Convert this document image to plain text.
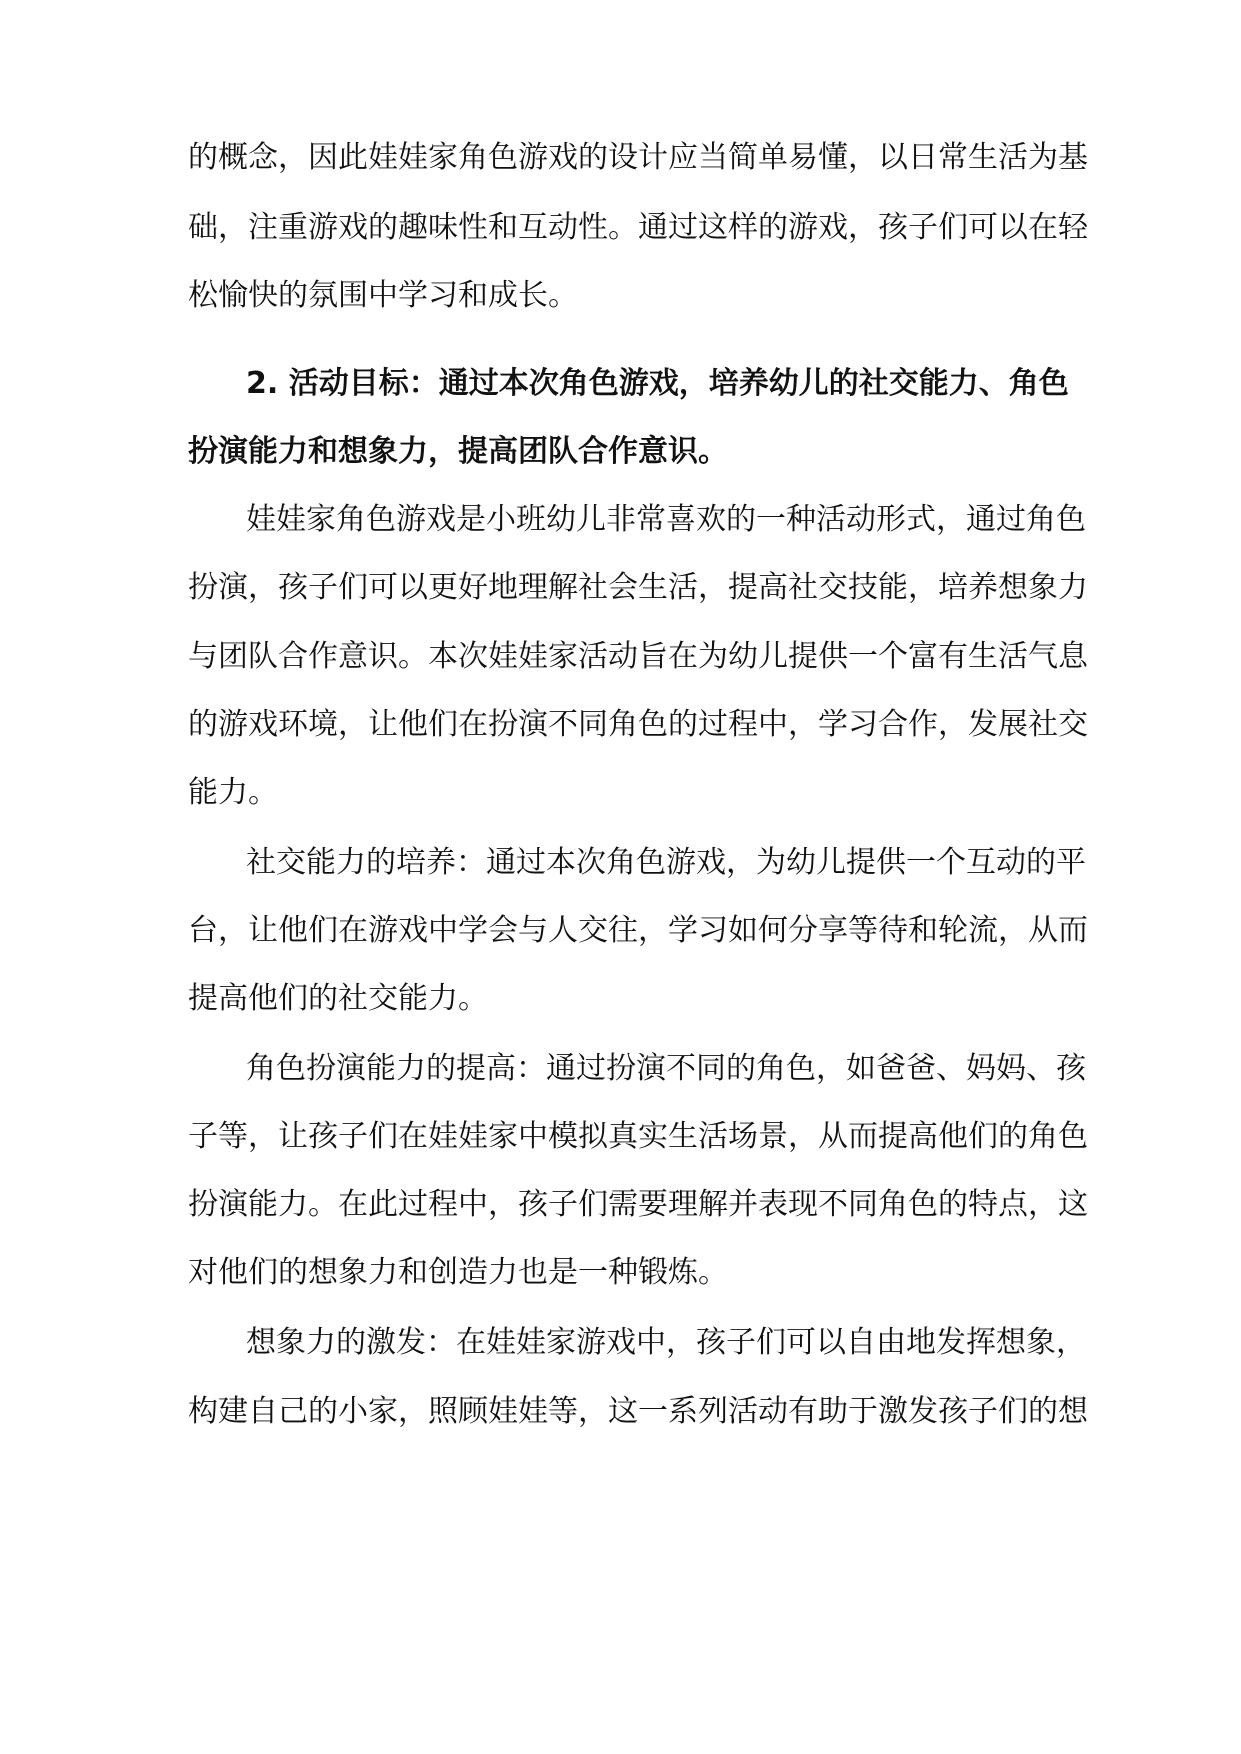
的概念，因此娃娃家角色游戏的设计应当简单易懂，以日常生活为基
础，注重游戏的趣味性和互动性。通过这样的游戏，孩子们可以在轻
松愉快的氛围中学习和成长。
2. 活动目标：通过本次角色游戏，培养幼儿的社交能力、角色
扮演能力和想象力，提高团队合作意识。
娃娃家角色游戏是小班幼儿非常喜欢的一种活动形式，通过角色
扮演，孩子们可以更好地理解社会生活，提高社交技能，培养想象力
与团队合作意识。本次娃娃家活动旨在为幼儿提供一个富有生活气息
的游戏环境，让他们在扮演不同角色的过程中，学习合作，发展社交
能力。
社交能力的培养：通过本次角色游戏，为幼儿提供一个互动的平
台，让他们在游戏中学会与人交往，学习如何分享等待和轮流，从而
提高他们的社交能力。
角色扮演能力的提高：通过扮演不同的角色，如爸爸、妈妈、孩
子等，让孩子们在娃娃家中模拟真实生活场景，从而提高他们的角色
扮演能力。在此过程中，孩子们需要理解并表现不同角色的特点，这
对他们的想象力和创造力也是一种锻炼。
想象力的激发：在娃娃家游戏中，孩子们可以自由地发挥想象，
构建自己的小家，照顾娃娃等，这一系列活动有助于激发孩子们的想
